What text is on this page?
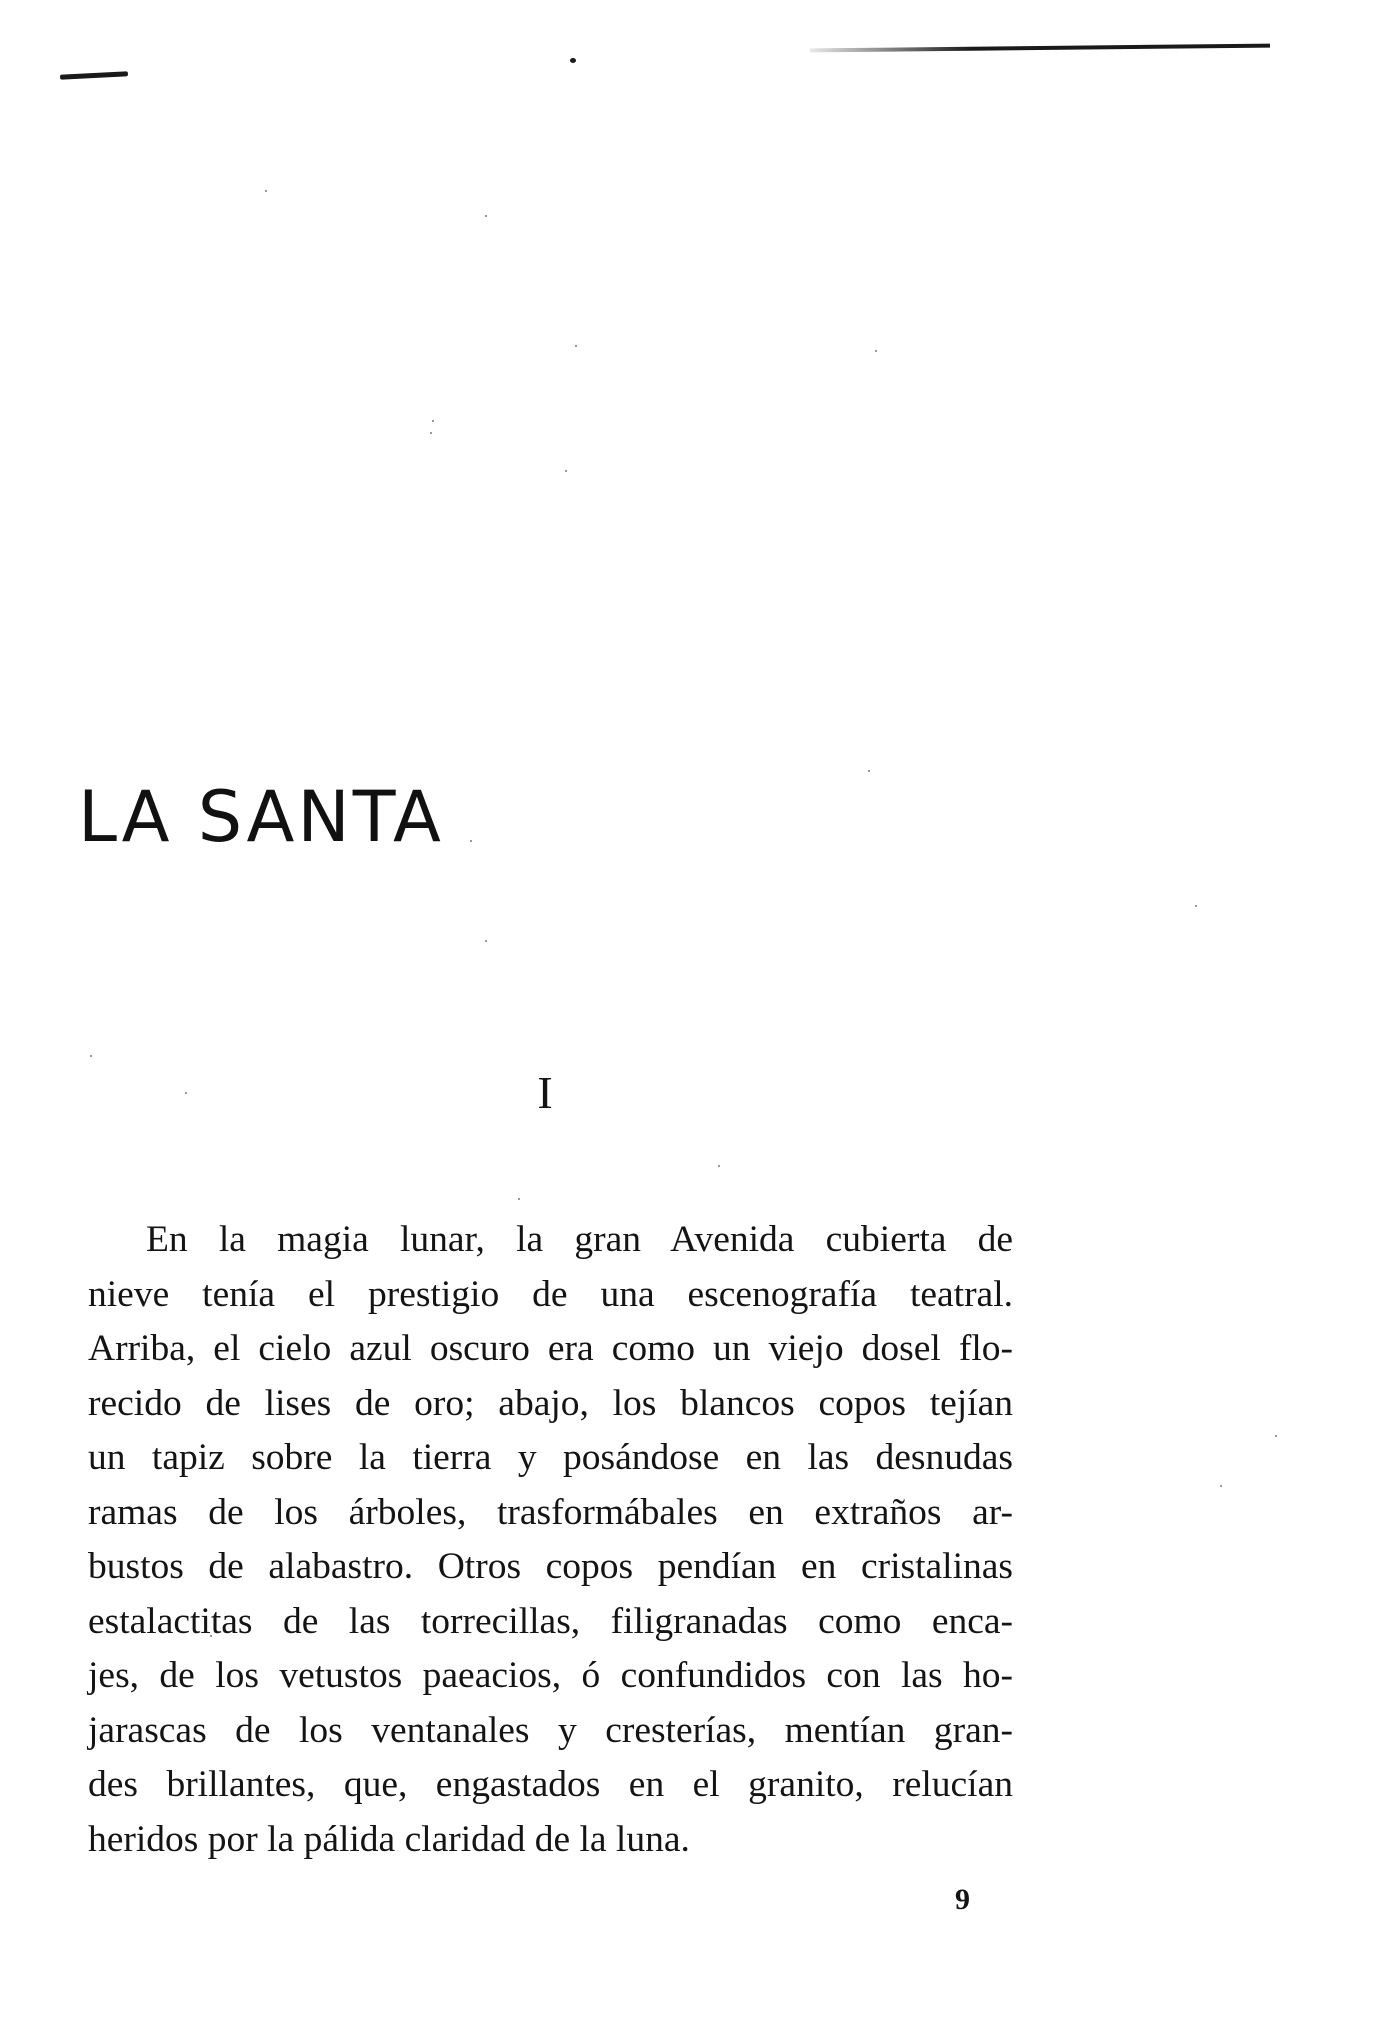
LA SANTA
I
En la magia lunar, la gran Avenida cubierta de
nieve tenía el prestigio de una escenografía teatral.
Arriba, el cielo azul oscuro era como un viejo dosel flo-
recido de lises de oro; abajo, los blancos copos tejían
un tapiz sobre la tierra y posándose en las desnudas
ramas de los árboles, trasformábales en extraños ar-
bustos de alabastro. Otros copos pendían en cristalinas
estalactitas de las torrecillas, filigranadas como enca-
jes, de los vetustos paeacios, ó confundidos con las ho-
jarascas de los ventanales y cresterías, mentían gran-
des brillantes, que, engastados en el granito, relucían
heridos por la pálida claridad de la luna.

9
